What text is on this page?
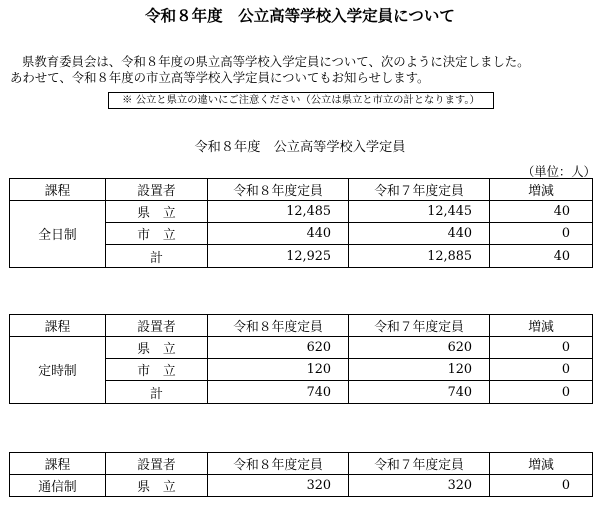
令和８年度　公立高等学校入学定員について
県教育委員会は、令和８年度の県立高等学校入学定員について、次のように決定しました。
あわせて、令和８年度の市立高等学校入学定員についてもお知らせします。
※ 公立と県立の違いにご注意ください（公立は県立と市立の計となります。）
令和８年度　公立高等学校入学定員
（単位：人）
課程	設置者	令和８年度定員	令和７年度定員	増減
全日制	県　立	12,485	12,445	40
	市　立	440	440	0
	計	12,925	12,885	40
課程	設置者	令和８年度定員	令和７年度定員	増減
定時制	県　立	620	620	0
	市　立	120	120	0
	計	740	740	0
課程	設置者	令和８年度定員	令和７年度定員	増減
通信制	県　立	320	320	0
